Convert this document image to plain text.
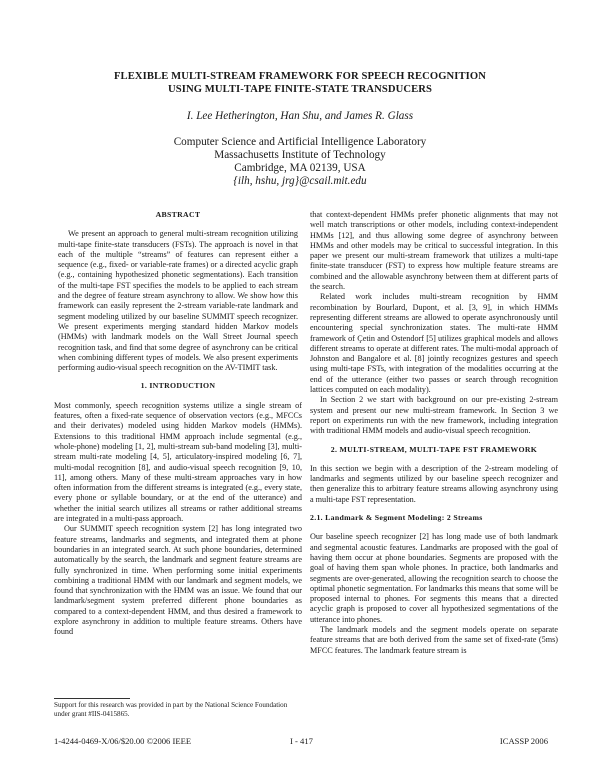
FLEXIBLE MULTI-STREAM FRAMEWORK FOR SPEECH RECOGNITION
USING MULTI-TAPE FINITE-STATE TRANSDUCERS
I. Lee Hetherington, Han Shu, and James R. Glass
Computer Science and Artificial Intelligence Laboratory
Massachusetts Institute of Technology
Cambridge, MA 02139, USA
{ilh, hshu, jrg}@csail.mit.edu
ABSTRACT

We present an approach to general multi-stream recognition utilizing multi-tape finite-state transducers (FSTs). The approach is novel in that each of the multiple “streams” of features can represent either a sequence (e.g., fixed- or variable-rate frames) or a directed acyclic graph (e.g., containing hypothesized phonetic segmentations). Each transition of the multi-tape FST specifies the models to be applied to each stream and the degree of feature stream asynchrony to allow. We show how this framework can easily represent the 2-stream variable-rate landmark and segment modeling utilized by our baseline SUMMIT speech recognizer. We present experiments merging standard hidden Markov models (HMMs) with landmark models on the Wall Street Journal speech recognition task, and find that some degree of asynchrony can be critical when combining different types of models. We also present experiments performing audio-visual speech recognition on the AV-TIMIT task.

1. INTRODUCTION

Most commonly, speech recognition systems utilize a single stream of features, often a fixed-rate sequence of observation vectors (e.g., MFCCs and their derivates) modeled using hidden Markov models (HMMs). Extensions to this traditional HMM approach include segmental (e.g., whole-phone) modeling [1, 2], multi-stream sub-band modeling [3], multi-stream multi-rate modeling [4, 5], articulatory-inspired modeling [6, 7], multi-modal recognition [8], and audio-visual speech recognition [9, 10, 11], among others. Many of these multi-stream approaches vary in how often information from the different streams is integrated (e.g., every state, every phone or syllable boundary, or at the end of the utterance) and whether the initial search utilizes all streams or rather additional streams are integrated in a multi-pass approach.

Our SUMMIT speech recognition system [2] has long integrated two feature streams, landmarks and segments, and integrated them at phone boundaries in an integrated search. At such phone boundaries, determined automatically by the search, the landmark and segment feature streams are fully synchronized in time. When performing some initial experiments combining a traditional HMM with our landmark and segment models, we found that synchronization with the HMM was an issue. We found that our landmark/segment system preferred different phone boundaries as compared to a context-dependent HMM, and thus desired a framework to explore asynchrony in addition to multiple feature streams. Others have found

that context-dependent HMMs prefer phonetic alignments that may not well match transcriptions or other models, including context-independent HMMs [12], and thus allowing some degree of asynchrony between HMMs and other models may be critical to successful integration. In this paper we present our multi-stream framework that utilizes a multi-tape finite-state transducer (FST) to express how multiple feature streams are combined and the allowable asynchrony between them at different parts of the search.

Related work includes multi-stream recognition by HMM recombination by Bourlard, Dupont, et al. [3, 9], in which HMMs representing different streams are allowed to operate asynchronously until encountering special synchronization states. The multi-rate HMM framework of Çetin and Ostendorf [5] utilizes graphical models and allows different streams to operate at different rates. The multi-modal approach of Johnston and Bangalore et al. [8] jointly recognizes gestures and speech using multi-tape FSTs, with integration of the modalities occurring at the end of the utterance (either two passes or search through recognition lattices computed on each modality).

In Section 2 we start with background on our pre-existing 2-stream system and present our new multi-stream framework. In Section 3 we report on experiments run with the new framework, including integration with traditional HMM models and audio-visual speech recognition.

2. MULTI-STREAM, MULTI-TAPE FST FRAMEWORK

In this section we begin with a description of the 2-stream modeling of landmarks and segments utilized by our baseline speech recognizer and then generalize this to arbitrary feature streams allowing asynchrony using a multi-tape FST representation.

2.1. Landmark & Segment Modeling: 2 Streams

Our baseline speech recognizer [2] has long made use of both landmark and segmental acoustic features. Landmarks are proposed with the goal of having them occur at phone boundaries. Segments are proposed with the goal of having them span whole phones. In practice, both landmarks and segments are over-generated, allowing the recognition search to choose the optimal phonetic segmentation. For landmarks this means that some will be proposed internal to phones. For segments this means that a directed acyclic graph is proposed to cover all hypothesized segmentations of the utterance into phones.

The landmark models and the segment models operate on separate feature streams that are both derived from the same set of fixed-rate (5ms) MFCC features. The landmark feature stream is

Support for this research was provided in part by the National Science Foundation under grant #IIS-0415865.
1-4244-0469-X/06/$20.00 ©2006 IEEE	I - 417	ICASSP 2006
